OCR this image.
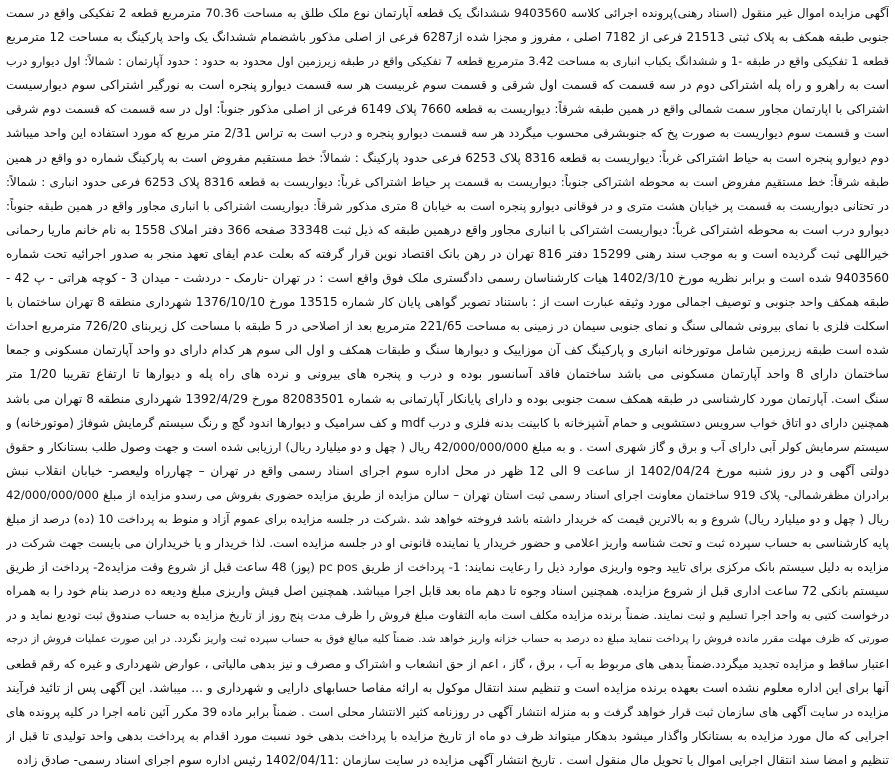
آگهی مزایده اموال غیر منقول (اسناد رهنی)پرونده اجرائی کلاسه 9403560 ششدانگ یک قطعه آپارتمان نوع ملک طلق به مساحت 70.36 مترمربع قطعه 2 تفکیکی واقع در سمت
جنوبی طبقه همکف به پلاک ثبتی 21513 فرعی از 7182 اصلی ، مفروز و مجزا شده از6287 فرعی از اصلی مذکور باشضمام ششدانگ یک واحد پارکینگ به مساحت 12 مترمربع
قطعه 1 تفکیکی واقع در طبقه -1 و ششدانگ یکباب انباری به مساحت 3.42 مترمربع قطعه 7 تفکیکی واقع در طبقه زیرزمین اول محدود به حدود : حدود آپارتمان : شمالاً: اول دیوارو درب
است به راهرو و راه پله اشتراکی دوم در سه قسمت که قسمت اول شرقی و قسمت سوم غربیست هر سه قسمت دیوارو پنجره است به نورگیر اشتراکی سوم دیوارسیست
اشتراکی با اپارتمان مجاور سمت شمالی واقع در همین طبقه شرقاً: دیواریست به قطعه 7660 پلاک 6149 فرعی از اصلی مذکور جنوباً: اول در سه قسمت که قسمت دوم شرقی
است و قسمت سوم دیواریست به صورت پخ که جنوبشرقی محسوب میگردد هر سه قسمت دیوارو پنجره و درب است به تراس 2/31 متر مربع که مورد استفاده این واحد میباشد
دوم دیوارو پنجره است به حیاط اشتراکی غرباً: دیواریست به قطعه 8316 پلاک 6253 فرعی حدود پارکینگ : شمالاً: خط مستقیم مفروض است به پارکینگ شماره دو واقع در همین
طبقه شرقاً: خط مستقیم مفروض است به محوطه اشتراکی جنوباً: دیواریست به قسمت پر حیاط اشتراکی غرباً: دیواریست به قطعه 8316 پلاک 6253 فرعی حدود انباری : شمالاً:
در تحتانی دیواریست به قسمت پر خیابان هشت متری و در فوقانی دیوارو پنجره است به خیابان 8 متری مذکور شرقاً: دیواریست اشتراکی با انباری مجاور واقع در همین طبقه جنوباً:
دیوارو درب است به محوطه اشتراکی غرباً: دیواریست اشتراکی با انباری مجاور واقع درهمین طبقه که ذیل ثبت 33348 صفحه 366 دفتر املاک 1558 به نام خانم ماریا رحمانی
خیراللهی ثبت گردیده است و به موجب سند رهنی 15299 دفتر 816 تهران در رهن بانک اقتصاد نوین قرار گرفته که بعلت عدم ایفای تعهد منجر به صدور اجرائیه تحت شماره
9403560 شده است و برابر نظریه مورخ 1402/3/10 هیات کارشناسان رسمی دادگستری ملک فوق واقع است : در تهران -نارمک - دردشت - میدان 3 - کوچه هراتی - پ 42 -
طبقه همکف واحد جنوبی و توصیف اجمالی مورد وثیقه عبارت است از : باستناد تصویر گواهی پایان کار شماره 13515 مورخ 1376/10/10 شهرداری منطقه 8 تهران ساختمان با
اسکلت فلزی با نمای بیرونی شمالی سنگ و نمای جنوبی سیمان در زمینی به مساحت 221/65 مترمربع بعد از اصلاحی در 5 طبقه با مساحت کل زیربنای 726/20 مترمربع احداث
شده است طبقه زیرزمین شامل موتورخانه انباری و پارکینگ کف آن موزاییک و دیوارها سنگ و طبقات همکف و اول الی سوم هر کدام دارای دو واحد آپارتمان مسکونی و جمعا
ساختمان دارای 8 واحد آپارتمان مسکونی می باشد ساختمان فاقد آسانسور بوده و درب و پنجره های بیرونی و نرده های راه پله و دیوارها تا ارتفاع تقریبا 1/20 متر
سنگ است. آپارتمان مورد کارشناسی در طبقه همکف سمت جنوبی بوده و دارای پایانکار آپارتمانی به شماره 82083501 مورخ 1392/4/29 شهرداری منطقه 8 تهران می باشد
همچنین دارای دو اتاق خواب سرویس دستشویی و حمام آشپزخانه با کابینت بدنه فلزی و درب mdf و کف سرامیک و دیوارها اندود گچ و رنگ سیستم گرمایش شوفاژ (موتورخانه) و
سیستم سرمایش کولر آبی دارای آب و برق و گاز شهری است . و به مبلغ 42/000/000/000 ریال ( چهل و دو میلیارد ریال) ارزیابی شده است و جهت وصول طلب بستانکار و حقوق
دولتی آگهی و در روز شنبه مورخ 1402/04/24 از ساعت 9 الی 12 ظهر در محل اداره سوم اجرای اسناد رسمی واقع در تهران – چهارراه ولیعصر- خیابان انقلاب نبش
برادران مظفرشمالی- پلاک 919 ساختمان معاونت اجرای اسناد رسمی ثبت استان تهران – سالن مزایده از طریق مزایده حضوری بفروش می رسدو مزایده از مبلغ 42/000/000/000
ریال ( چهل و دو میلیارد ریال) شروع و به بالاترین قیمت که خریدار داشته باشد فروخته خواهد شد .شرکت در جلسه مزایده برای عموم آزاد و منوط به پرداخت 10 (ده) درصد از مبلغ
پایه کارشناسی به حساب سپرده ثبت و تحت شناسه واریز اعلامی و حضور خریدار یا نماینده قانونی او در جلسه مزایده است. لذا خریدار و یا خریداران می بایست جهت شرکت در
مزایده به دلیل سیستم بانک مرکزی برای تایید وجوه واریزی موارد ذیل را رعایت نمایند: 1- پرداخت از طریق pc pos (پوز) 48 ساعت قبل از شروع وقت مزایده2- پرداخت از طریق
سیستم بانکی 72 ساعت اداری قبل از شروع مزایده. همچنین اسناد وجوه تا دهم ماه بعد قابل اجرا میباشد. همچنین اصل فیش واریزی مبلغ ودیعه ده درصد بنام خود را به همراه
درخواست کتبی به واحد اجرا تسلیم و ثبت نمایند. ضمناً برنده مزایده مکلف است مابه التفاوت مبلغ فروش را ظرف مدت پنج روز از تاریخ مزایده به حساب صندوق ثبت تودیع نماید و در
صورتی که ظرف مهلت مقرر مانده فروش را پرداخت ننماید مبلغ ده درصد به حساب خزانه واریز خواهد شد. ضمناً کلیه مبالغ فوق به حساب سپرده ثبت واریز نگردد. در این صورت عملیات فروش از درجه
اعتبار ساقط و مزایده تجدید میگردد.ضمناً بدهی های مربوط به آب ، برق ، گاز ، اعم از حق انشعاب و اشتراک و مصرف و نیز بدهی مالیاتی ، عوارض شهرداری و غیره که رقم قطعی
آنها برای این اداره معلوم نشده است بعهده برنده مزایده است و تنظیم سند انتقال موکول به ارائه مفاصا حسابهای دارایی و شهرداری و ... میباشد. این آگهی پس از تائید فرآیند
مزایده در سایت آگهی های سازمان ثبت قرار خواهد گرفت و به منزله انتشار آگهی در روزنامه کثیر الانتشار محلی است . ضمناً برابر ماده 39 مکرر آئین نامه اجرا در کلیه پرونده های
اجرایی که مال مورد مزایده به بستانکار واگذار میشود بدهکار میتواند ظرف دو ماه از تاریخ مزایده با پرداخت بدهی خود نسبت مورد اقدام به پرداخت بدهی واحد تولیدی تا قبل از
تنظیم و امضا سند انتقال اجرایی اموال یا تحویل مال منقول است . تاریخ انتشار آگهی مزایده در سایت سازمان :1402/04/11 رئیس اداره سوم اجرای اسناد رسمی- صادق زاده
